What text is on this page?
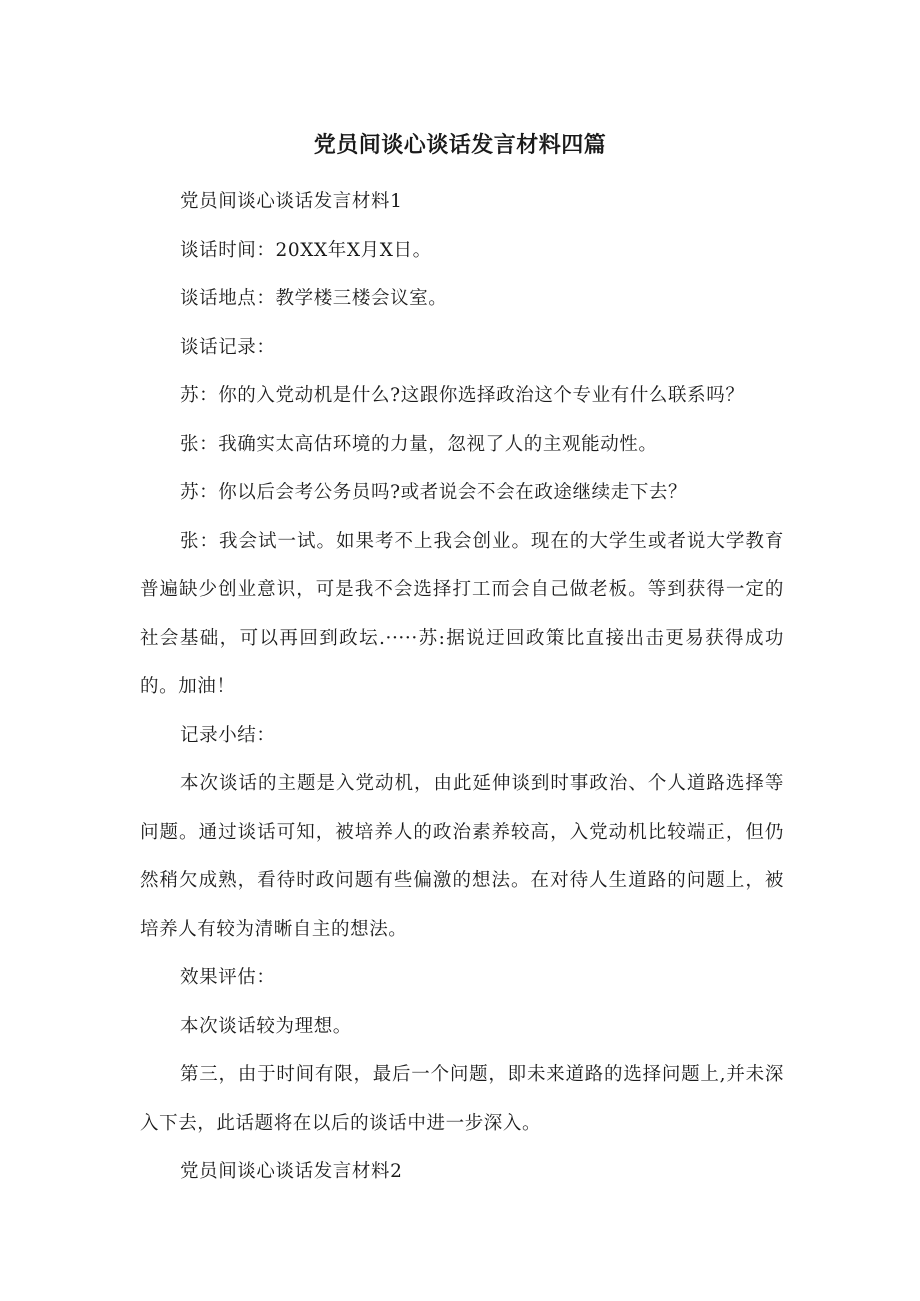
党员间谈心谈话发言材料四篇

党员间谈心谈话发言材料1

谈话时间：20XX年X月X日。

谈话地点：教学楼三楼会议室。

谈话记录：

苏：你的入党动机是什么?这跟你选择政治这个专业有什么联系吗？

张：我确实太高估环境的力量，忽视了人的主观能动性。

苏：你以后会考公务员吗?或者说会不会在政途继续走下去？

张：我会试一试。如果考不上我会创业。现在的大学生或者说大学教育普遍缺少创业意识，可是我不会选择打工而会自己做老板。等到获得一定的社会基础，可以再回到政坛.·····苏:据说迂回政策比直接出击更易获得成功的。加油！

记录小结：

本次谈话的主题是入党动机，由此延伸谈到时事政治、个人道路选择等问题。通过谈话可知，被培养人的政治素养较高，入党动机比较端正，但仍然稍欠成熟，看待时政问题有些偏激的想法。在对待人生道路的问题上，被培养人有较为清晰自主的想法。

效果评估：

本次谈话较为理想。

第三，由于时间有限，最后一个问题，即未来道路的选择问题上,并未深入下去，此话题将在以后的谈话中进一步深入。

党员间谈心谈话发言材料2
